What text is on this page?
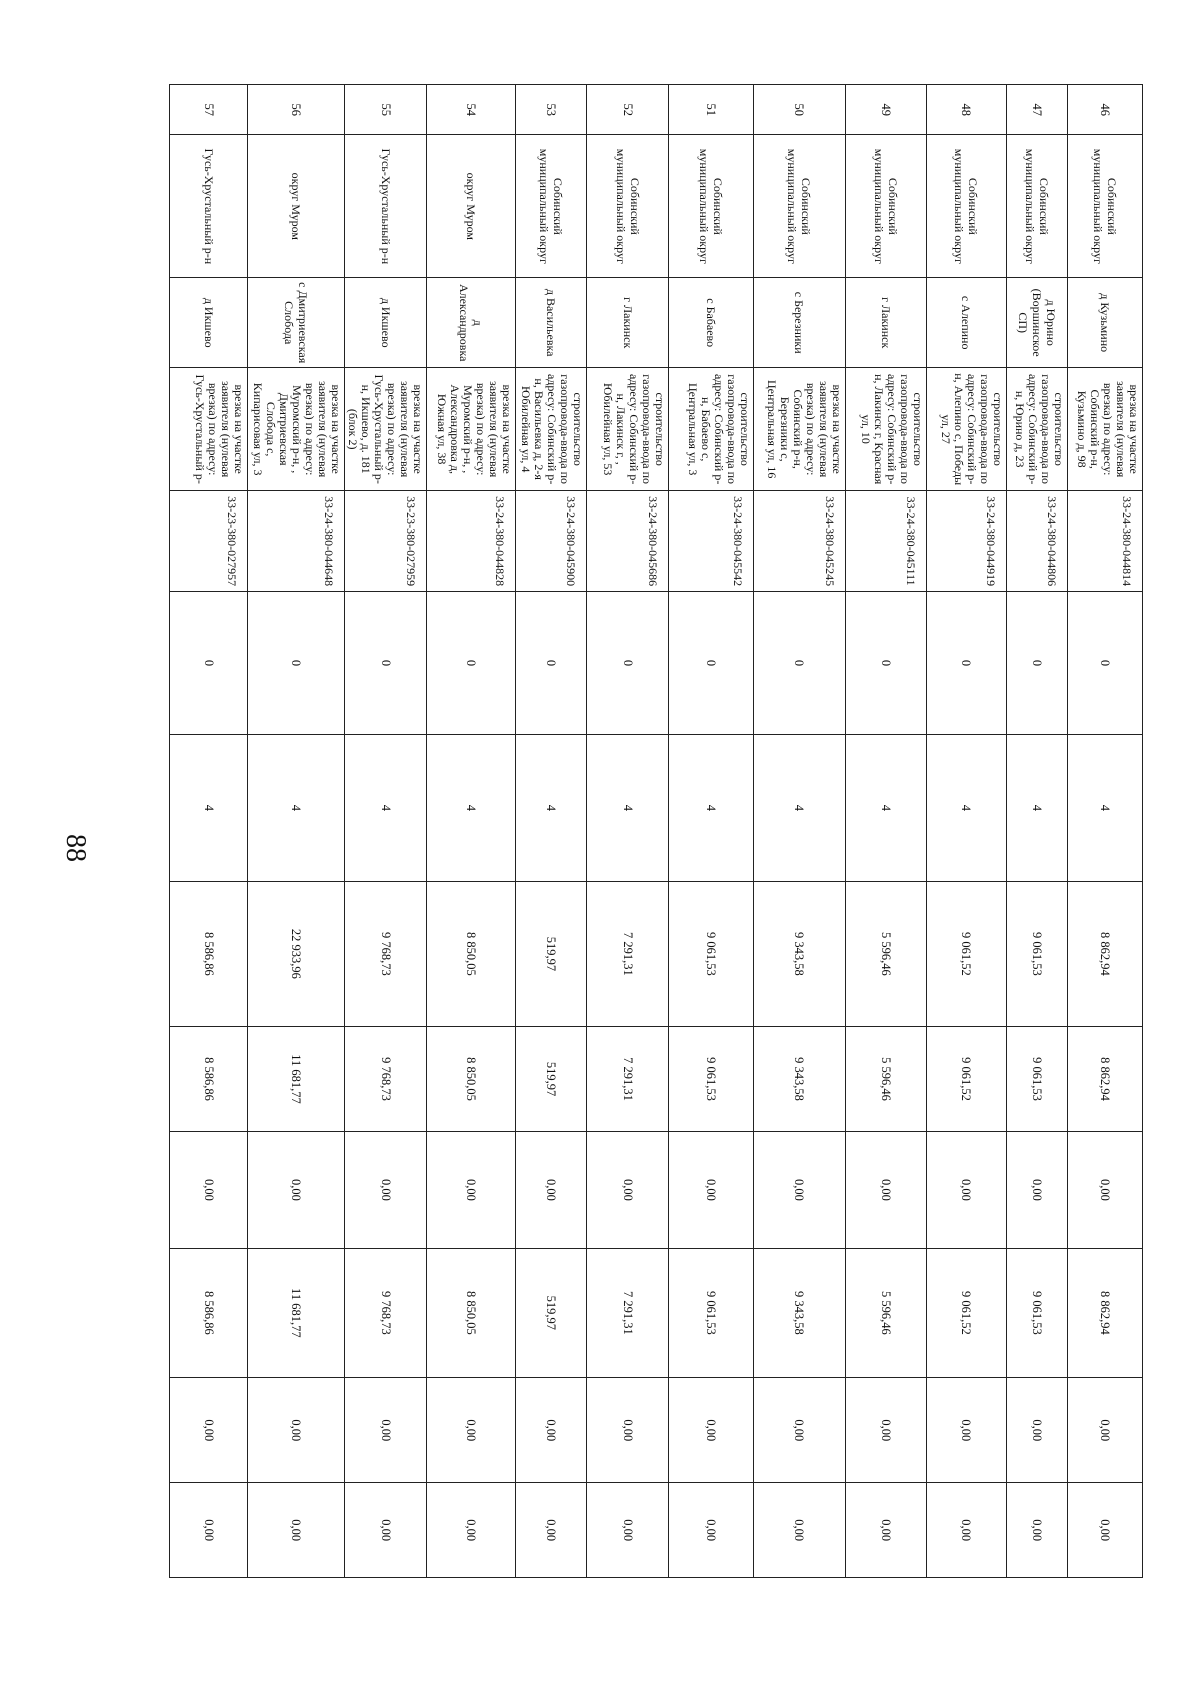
88
46	Собинский муниципальный округ	д Кузьмино	врезка на участке заявителя (нулевая врезка) по адресу: Собинский р-н, Кузьмино д, 98	33-24-380-044814	0	4	8 862,94	8 862,94	0,00	8 862,94	0,00	0,00
47	Собинский муниципальный округ	д Юрино (Воршинское СП)	строительство газопровода-ввода по адресу: Собинский р-н, Юрино д, 23	33-24-380-044806	0	4	9 061,53	9 061,53	0,00	9 061,53	0,00	0,00
48	Собинский муниципальный округ	с Алепино	строительство газопровода-ввода по адресу: Собинский р-н, Алепино с, Победы ул, 27	33-24-380-044919	0	4	9 061,52	9 061,52	0,00	9 061,52	0,00	0,00
49	Собинский муниципальный округ	г Лакинск	строительство газопровода-ввода по адресу: Собинский р-н, Лакинск г, Красная ул, 10	33-24-380-045111	0	4	5 596,46	5 596,46	0,00	5 596,46	0,00	0,00
50	Собинский муниципальный округ	с Березники	врезка на участке заявителя (нулевая врезка) по адресу: Собинский р-н, Березники с, Центральная ул, 16	33-24-380-045245	0	4	9 343,58	9 343,58	0,00	9 343,58	0,00	0,00
51	Собинский муниципальный округ	с Бабаево	строительство газопровода-ввода по адресу: Собинский р-н, Бабаево с, Центральная ул, 3	33-24-380-045542	0	4	9 061,53	9 061,53	0,00	9 061,53	0,00	0,00
52	Собинский муниципальный округ	г Лакинск	строительство газопровода-ввода по адресу: Собинский р-н, Лакинск г, , Юбилейная ул, 53	33-24-380-045686	0	4	7 291,31	7 291,31	0,00	7 291,31	0,00	0,00
53	Собинский муниципальный округ	д Васильевка	строительство газопровода-ввода по адресу: Собинский р-н, Васильевка д, 2-я Юбилейная ул, 4	33-24-380-045900	0	4	519,97	519,97	0,00	519,97	0,00	0,00
54	округ Муром	д Александровка	врезка на участке заявителя (нулевая врезка) по адресу: Муромский р-н, , Александровка д, Южная ул, 38	33-24-380-044828	0	4	8 850,05	8 850,05	0,00	8 850,05	0,00	0,00
55	Гусь-Хрустальный р-н	д Икшево	врезка на участке заявителя (нулевая врезка) по адресу: Гусь-Хрустальный р-н, Икшево, д. 181 (блок 2)	33-23-380-027959	0	4	9 768,73	9 768,73	0,00	9 768,73	0,00	0,00
56	округ Муром	с Дмитриевская Слобода	врезка на участке заявителя (нулевая врезка) по адресу: Муромский р-н, , Дмитриевская Слобода с, Кипарисовая ул, 3	33-24-380-044648	0	4	22 933,96	11 681,77	0,00	11 681,77	0,00	0,00
57	Гусь-Хрустальный р-н	д Икшево	врезка на участке заявителя (нулевая врезка) по адресу: Гусь-Хрустальный р-	33-23-380-027957	0	4	8 586,86	8 586,86	0,00	8 586,86	0,00	0,00
